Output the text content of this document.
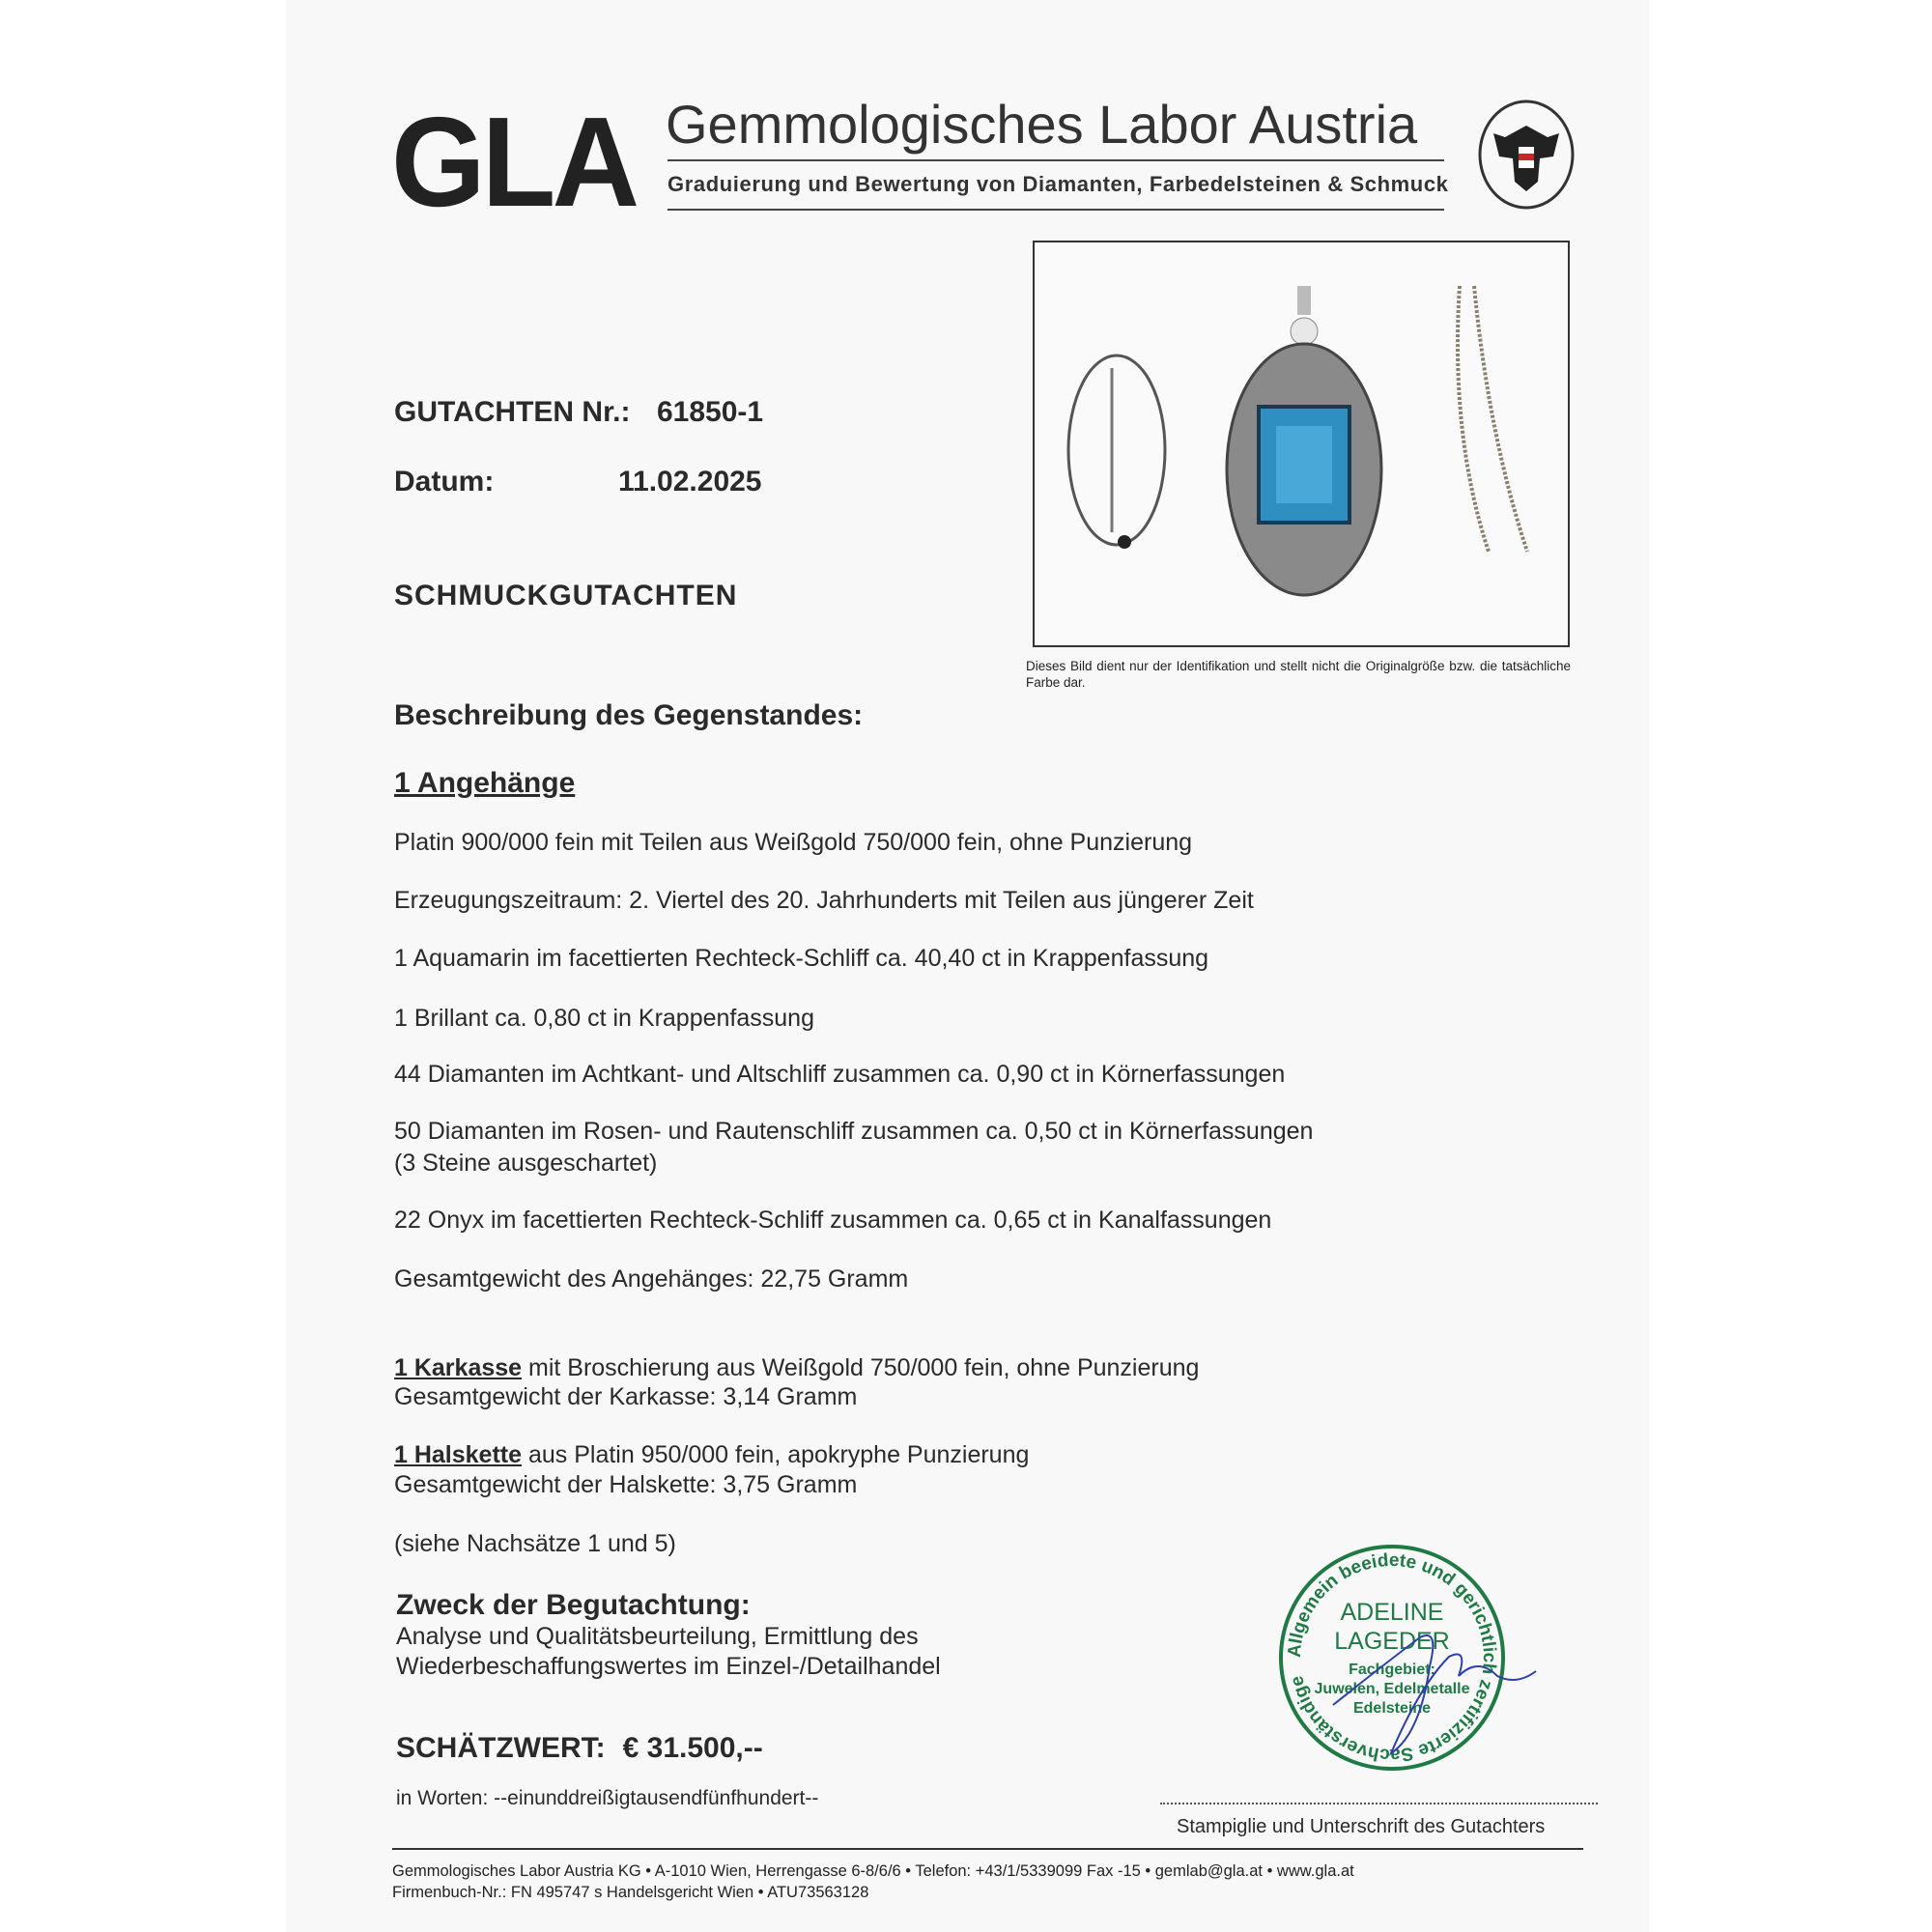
GLA Gemmologisches Labor Austria
Graduierung und Bewertung von Diamanten, Farbedelsteinen & Schmuck
Dieses Bild dient nur der Identifikation und stellt nicht die Originalgröße bzw. die tatsächliche Farbe dar.
GUTACHTEN Nr.: 61850-1
Datum:	11.02.2025
SCHMUCKGUTACHTEN
Beschreibung des Gegenstandes:
1 Angehänge
Platin 900/000 fein mit Teilen aus Weißgold 750/000 fein, ohne Punzierung
Erzeugungszeitraum: 2. Viertel des 20. Jahrhunderts mit Teilen aus jüngerer Zeit
1 Aquamarin im facettierten Rechteck-Schliff ca. 40,40 ct in Krappenfassung
1 Brillant ca. 0,80 ct in Krappenfassung
44 Diamanten im Achtkant- und Altschliff zusammen ca. 0,90 ct in Körnerfassungen
50 Diamanten im Rosen- und Rautenschliff zusammen ca. 0,50 ct in Körnerfassungen
(3 Steine ausgeschartet)
22 Onyx im facettierten Rechteck-Schliff zusammen ca. 0,65 ct in Kanalfassungen
Gesamtgewicht des Angehänges: 22,75 Gramm
1 Karkasse mit Broschierung aus Weißgold 750/000 fein, ohne Punzierung
Gesamtgewicht der Karkasse: 3,14 Gramm
1 Halskette aus Platin 950/000 fein, apokryphe Punzierung
Gesamtgewicht der Halskette: 3,75 Gramm
(siehe Nachsätze 1 und 5)
Zweck der Begutachtung:
Analyse und Qualitätsbeurteilung, Ermittlung des
Wiederbeschaffungswertes im Einzel-/Detailhandel
SCHÄTZWERT: € 31.500,--
in Worten: --einunddreißigtausendfünfhundert--
Allgemein beeidete und gerichtlich zertifizierte Sachverständige
ADELINE
LAGEDER
Fachgebiet:
Juwelen, Edelmetalle
Edelsteine
Stampiglie und Unterschrift des Gutachters
Gemmologisches Labor Austria KG • A-1010 Wien, Herrengasse 6-8/6/6 • Telefon: +43/1/5339099 Fax -15 • gemlab@gla.at • www.gla.at
Firmenbuch-Nr.: FN 495747 s Handelsgericht Wien • ATU73563128
